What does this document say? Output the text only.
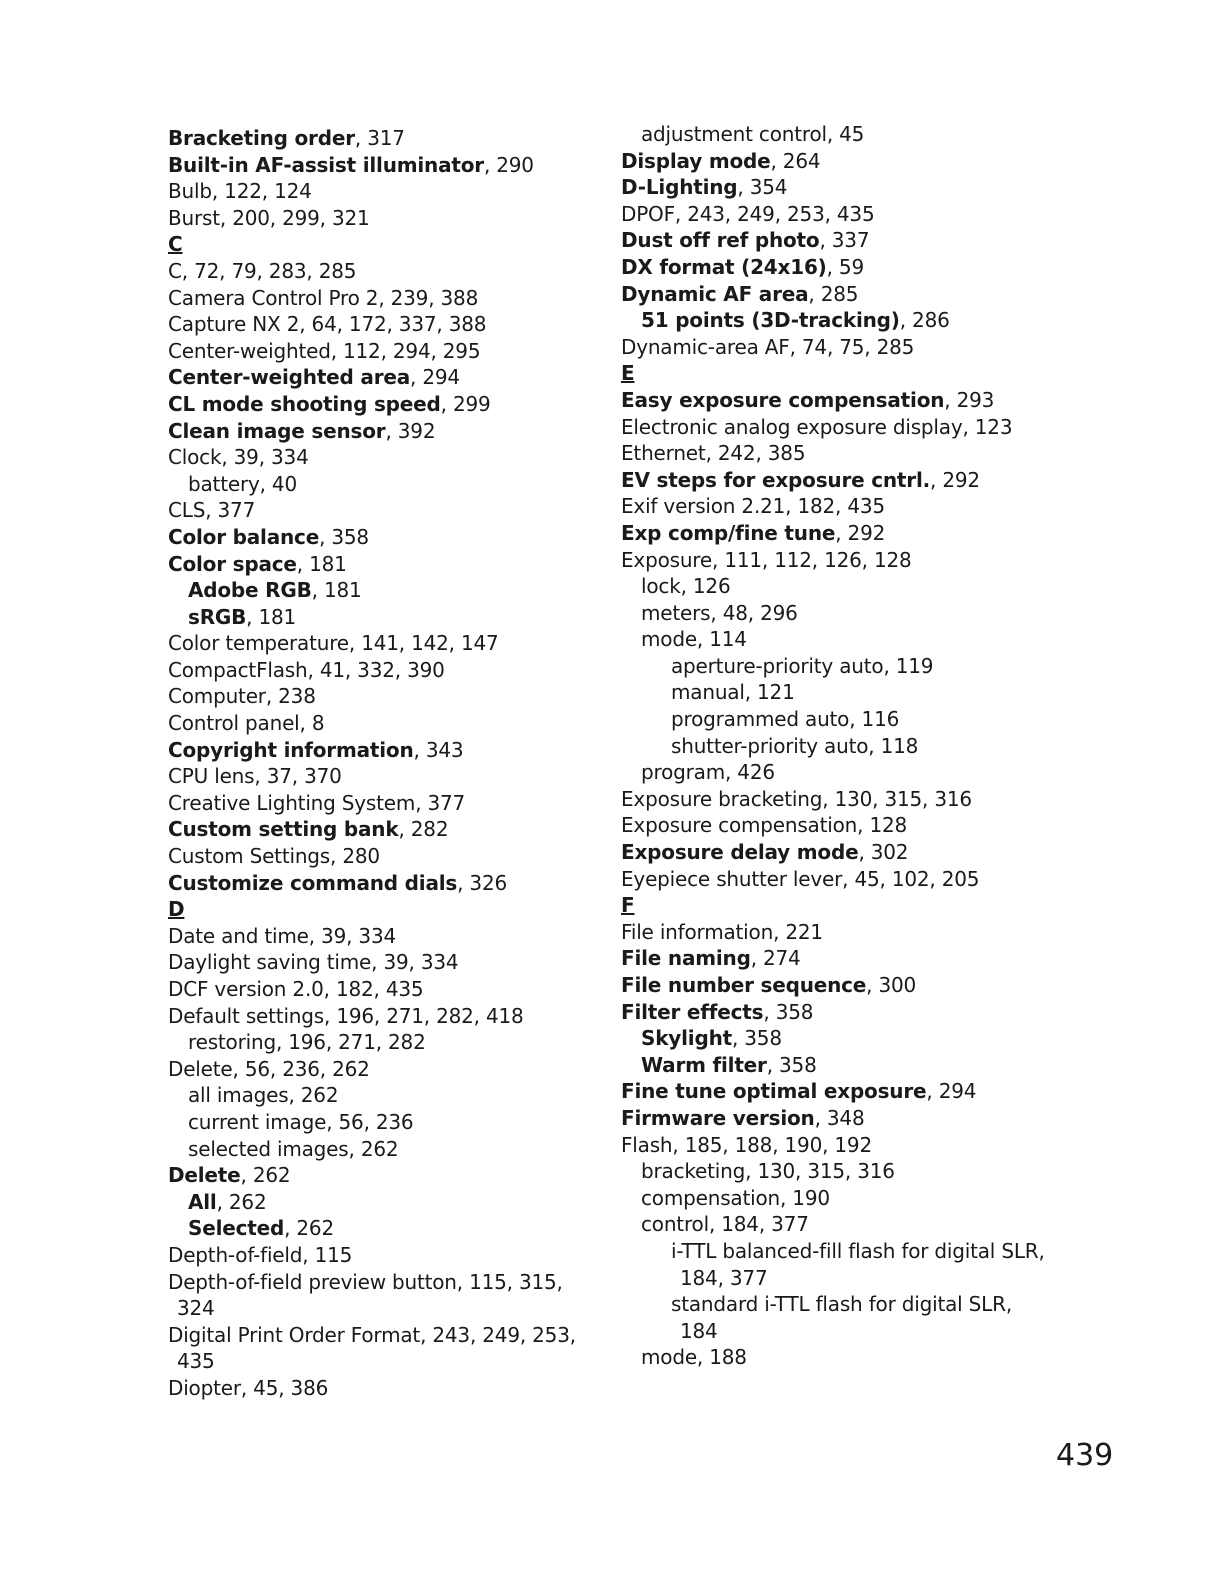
Bracketing order, 317
Built-in AF-assist illuminator, 290
Bulb, 122, 124
Burst, 200, 299, 321
C
C, 72, 79, 283, 285
Camera Control Pro 2, 239, 388
Capture NX 2, 64, 172, 337, 388
Center-weighted, 112, 294, 295
Center-weighted area, 294
CL mode shooting speed, 299
Clean image sensor, 392
Clock, 39, 334
battery, 40
CLS, 377
Color balance, 358
Color space, 181
Adobe RGB, 181
sRGB, 181
Color temperature, 141, 142, 147
CompactFlash, 41, 332, 390
Computer, 238
Control panel, 8
Copyright information, 343
CPU lens, 37, 370
Creative Lighting System, 377
Custom setting bank, 282
Custom Settings, 280
Customize command dials, 326
D
Date and time, 39, 334
Daylight saving time, 39, 334
DCF version 2.0, 182, 435
Default settings, 196, 271, 282, 418
restoring, 196, 271, 282
Delete, 56, 236, 262
all images, 262
current image, 56, 236
selected images, 262
Delete, 262
All, 262
Selected, 262
Depth-of-field, 115
Depth-of-field preview button, 115, 315,
324
Digital Print Order Format, 243, 249, 253,
435
Diopter, 45, 386
adjustment control, 45
Display mode, 264
D-Lighting, 354
DPOF, 243, 249, 253, 435
Dust off ref photo, 337
DX format (24x16), 59
Dynamic AF area, 285
51 points (3D-tracking), 286
Dynamic-area AF, 74, 75, 285
E
Easy exposure compensation, 293
Electronic analog exposure display, 123
Ethernet, 242, 385
EV steps for exposure cntrl., 292
Exif version 2.21, 182, 435
Exp comp/fine tune, 292
Exposure, 111, 112, 126, 128
lock, 126
meters, 48, 296
mode, 114
aperture-priority auto, 119
manual, 121
programmed auto, 116
shutter-priority auto, 118
program, 426
Exposure bracketing, 130, 315, 316
Exposure compensation, 128
Exposure delay mode, 302
Eyepiece shutter lever, 45, 102, 205
F
File information, 221
File naming, 274
File number sequence, 300
Filter effects, 358
Skylight, 358
Warm filter, 358
Fine tune optimal exposure, 294
Firmware version, 348
Flash, 185, 188, 190, 192
bracketing, 130, 315, 316
compensation, 190
control, 184, 377
i-TTL balanced-fill flash for digital SLR,
184, 377
standard i-TTL flash for digital SLR,
184
mode, 188
439
